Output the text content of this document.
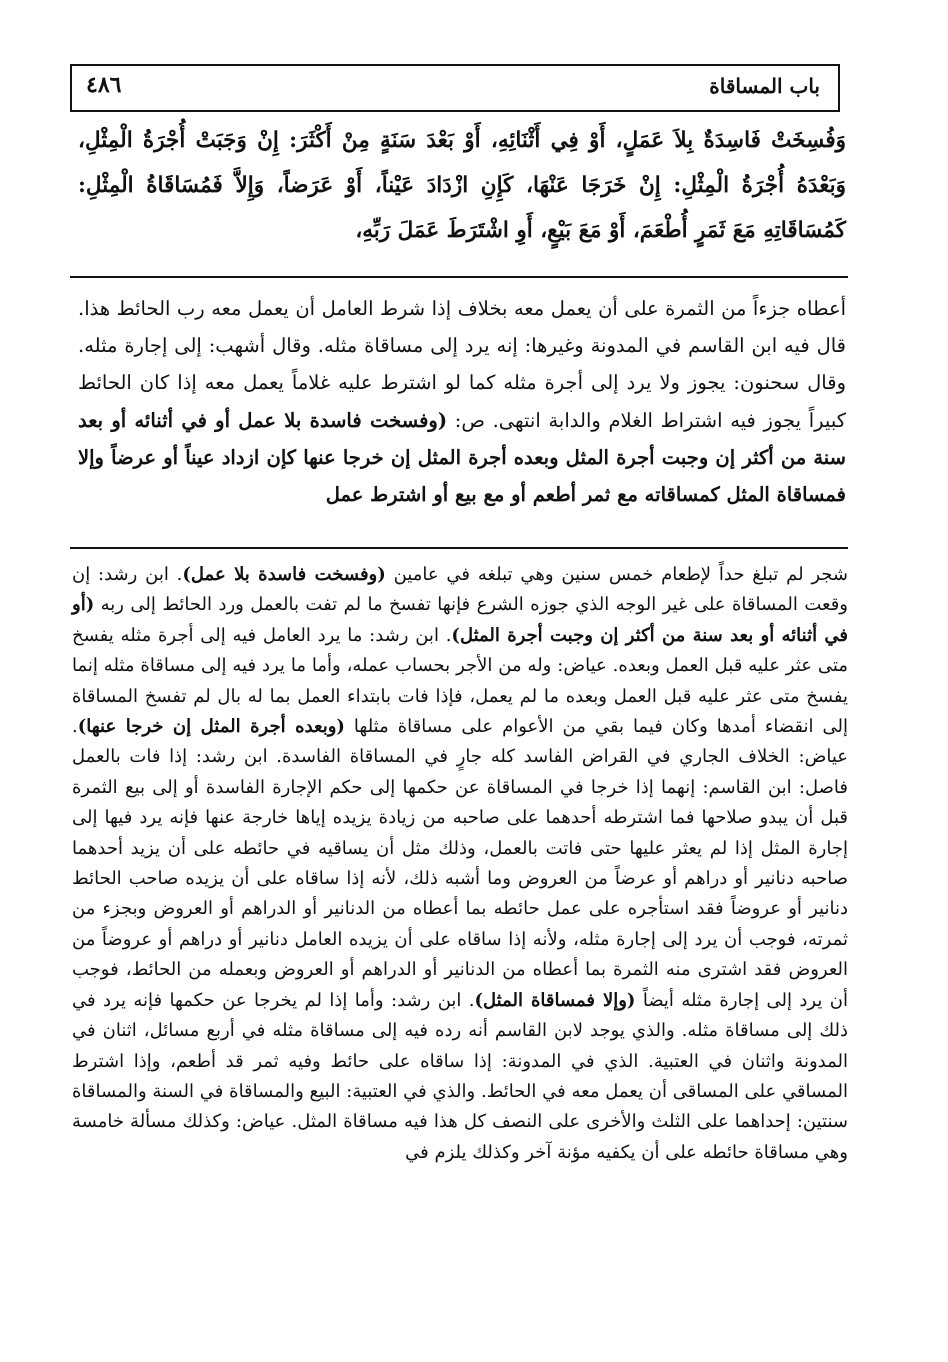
باب المساقاة
٤٨٦

وَفُسِخَتْ فَاسِدَةٌ بِلاَ عَمَلٍ، أَوْ فِي أَثْنَائِهِ، أَوْ بَعْدَ سَنَةٍ مِنْ أَكْثَرَ: إِنْ وَجَبَتْ أُجْرَةُ الْمِثْلِ، وَبَعْدَهُ أُجْرَةُ الْمِثْلِ: إِنْ خَرَجَا عَنْهَا، كَإِنِ ازْدَادَ عَيْناً، أَوْ عَرَضاً، وَإِلاَّ فَمُسَاقَاةُ الْمِثْلِ: كَمُسَاقَاتِهِ مَعَ ثَمَرٍ أُطْعَمَ، أَوْ مَعَ بَيْعٍ، أَوِ اشْتَرَطَ عَمَلَ رَبِّهِ،

أعطاه جزءاً من الثمرة على أن يعمل معه بخلاف إذا شرط العامل أن يعمل معه رب الحائط هذا. قال فيه ابن القاسم في المدونة وغيرها: إنه يرد إلى مساقاة مثله. وقال أشهب: إلى إجارة مثله. وقال سحنون: يجوز ولا يرد إلى أجرة مثله كما لو اشترط عليه غلاماً يعمل معه إذا كان الحائط كبيراً يجوز فيه اشتراط الغلام والدابة انتهى. ص: (وفسخت فاسدة بلا عمل أو في أثنائه أو بعد سنة من أكثر إن وجبت أجرة المثل وبعده أجرة المثل إن خرجا عنها كإن ازداد عيناً أو عرضاً وإلا فمساقاة المثل كمساقاته مع ثمر أطعم أو مع بيع أو اشترط عمل

شجر لم تبلغ حداً لإطعام خمس سنين وهي تبلغه في عامين (وفسخت فاسدة بلا عمل). ابن رشد: إن وقعت المساقاة على غير الوجه الذي جوزه الشرع فإنها تفسخ ما لم تفت بالعمل ورد الحائط إلى ربه (أو في أثنائه أو بعد سنة من أكثر إن وجبت أجرة المثل). ابن رشد: ما يرد العامل فيه إلى أجرة مثله يفسخ متى عثر عليه قبل العمل وبعده. عياض: وله من الأجر بحساب عمله، وأما ما يرد فيه إلى مساقاة مثله إنما يفسخ متى عثر عليه قبل العمل وبعده ما لم يعمل، فإذا فات بابتداء العمل بما له بال لم تفسخ المساقاة إلى انقضاء أمدها وكان فيما بقي من الأعوام على مساقاة مثلها (وبعده أجرة المثل إن خرجا عنها). عياض: الخلاف الجاري في القراض الفاسد كله جارٍ في المساقاة الفاسدة. ابن رشد: إذا فات بالعمل فاصل: ابن القاسم: إنهما إذا خرجا في المساقاة عن حكمها إلى حكم الإجارة الفاسدة أو إلى بيع الثمرة قبل أن يبدو صلاحها فما اشترطه أحدهما على صاحبه من زيادة يزيده إياها خارجة عنها فإنه يرد فيها إلى إجارة المثل إذا لم يعثر عليها حتى فاتت بالعمل، وذلك مثل أن يساقيه في حائطه على أن يزيد أحدهما صاحبه دنانير أو دراهم أو عرضاً من العروض وما أشبه ذلك، لأنه إذا ساقاه على أن يزيده صاحب الحائط دنانير أو عروضاً فقد استأجره على عمل حائطه بما أعطاه من الدنانير أو الدراهم أو العروض وبجزء من ثمرته، فوجب أن يرد إلى إجارة مثله، ولأنه إذا ساقاه على أن يزيده العامل دنانير أو دراهم أو عروضاً من العروض فقد اشترى منه الثمرة بما أعطاه من الدنانير أو الدراهم أو العروض وبعمله من الحائط، فوجب أن يرد إلى إجارة مثله أيضاً (وإلا فمساقاة المثل). ابن رشد: وأما إذا لم يخرجا عن حكمها فإنه يرد في ذلك إلى مساقاة مثله. والذي يوجد لابن القاسم أنه رده فيه إلى مساقاة مثله في أربع مسائل، اثنان في المدونة واثنان في العتبية. الذي في المدونة: إذا ساقاه على حائط وفيه ثمر قد أطعم، وإذا اشترط المساقي على المساقى أن يعمل معه في الحائط. والذي في العتبية: البيع والمساقاة في السنة والمساقاة سنتين: إحداهما على الثلث والأخرى على النصف كل هذا فيه مساقاة المثل. عياض: وكذلك مسألة خامسة وهي مساقاة حائطه على أن يكفيه مؤنة آخر وكذلك يلزم في
